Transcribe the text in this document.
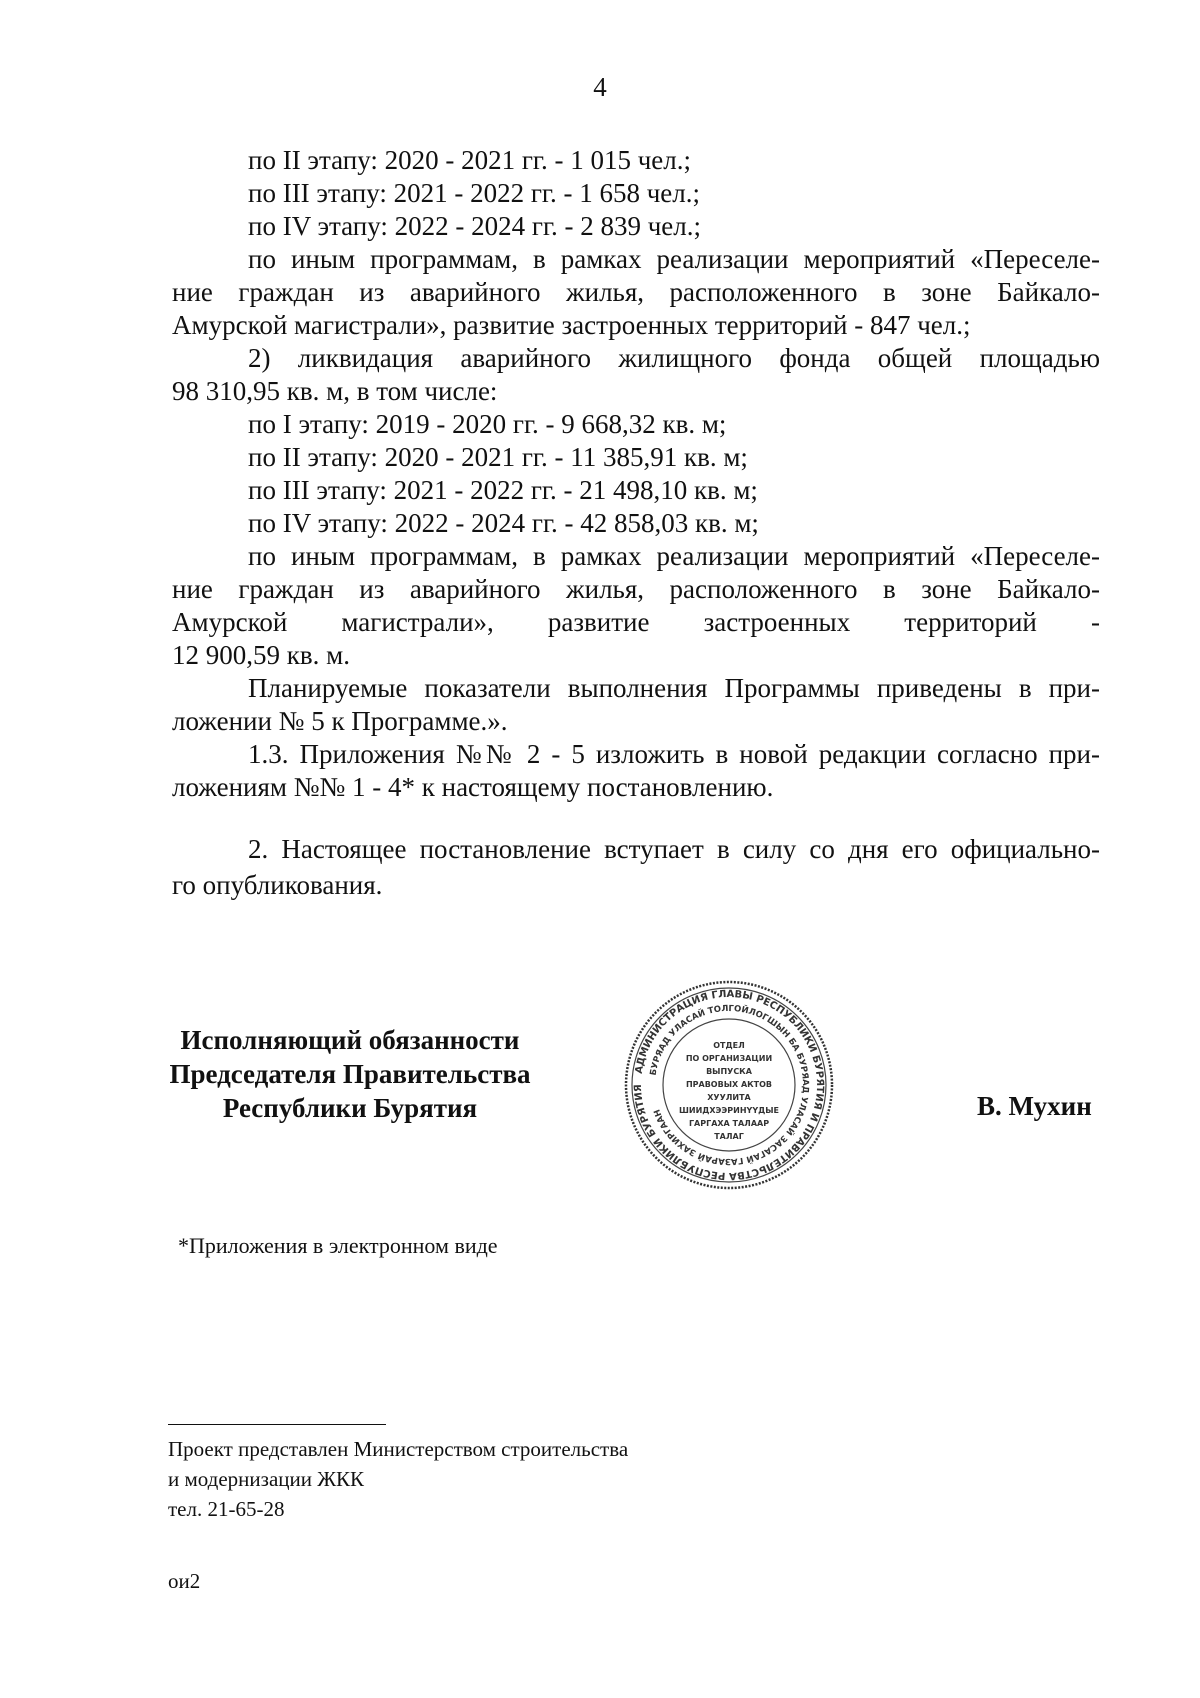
4
по II этапу: 2020 - 2021 гг. - 1 015 чел.;
по III этапу: 2021 - 2022 гг. - 1 658 чел.;
по IV этапу: 2022 - 2024 гг. - 2 839 чел.;
по иным программам, в рамках реализации мероприятий «Переселе-
ние граждан из аварийного жилья, расположенного в зоне Байкало-
Амурской магистрали», развитие застроенных территорий - 847 чел.;
2) ликвидация аварийного жилищного фонда общей площадью
98 310,95 кв. м, в том числе:
по I этапу: 2019 - 2020 гг. - 9 668,32 кв. м;
по II этапу: 2020 - 2021 гг. - 11 385,91 кв. м;
по III этапу: 2021 - 2022 гг. - 21 498,10 кв. м;
по IV этапу: 2022 - 2024 гг. - 42 858,03 кв. м;
по иным программам, в рамках реализации мероприятий «Переселе-
ние граждан из аварийного жилья, расположенного в зоне Байкало-
Амурской магистрали», развитие застроенных территорий -
12 900,59 кв. м.
Планируемые показатели выполнения Программы приведены в при-
ложении № 5 к Программе.».
1.3. Приложения №№ 2 - 5 изложить в новой редакции согласно при-
ложениям №№ 1 - 4* к настоящему постановлению.
2. Настоящее постановление вступает в силу со дня его официально-
го опубликования.
Исполняющий обязанности
Председателя Правительства
Республики Бурятия
АДМИНИСТРАЦИЯ ГЛАВЫ РЕСПУБЛИКИ БУРЯТИЯ И ПРАВИТЕЛЬСТВА РЕСПУБЛИКИ БУРЯТИЯ
БУРЯАД УЛАСАЙ ТОЛГОЙЛОГШЫН БА БУРЯАД УЛАСАЙ ЗАСАГАЙ ГАЗАРАЙ ЗАХИРГААН
ОТДЕЛ
ПО ОРГАНИЗАЦИИ
ВЫПУСКА
ПРАВОВЫХ АКТОВ
ХУУЛИТА
ШИИДХЭЭРИНҮҮДЫЕ
ГАРГАХА ТАЛААР
ТАЛАГ
В. Мухин
*Приложения в электронном виде
Проект представлен Министерством строительства
и модернизации ЖКК
тел. 21-65-28
ои2
